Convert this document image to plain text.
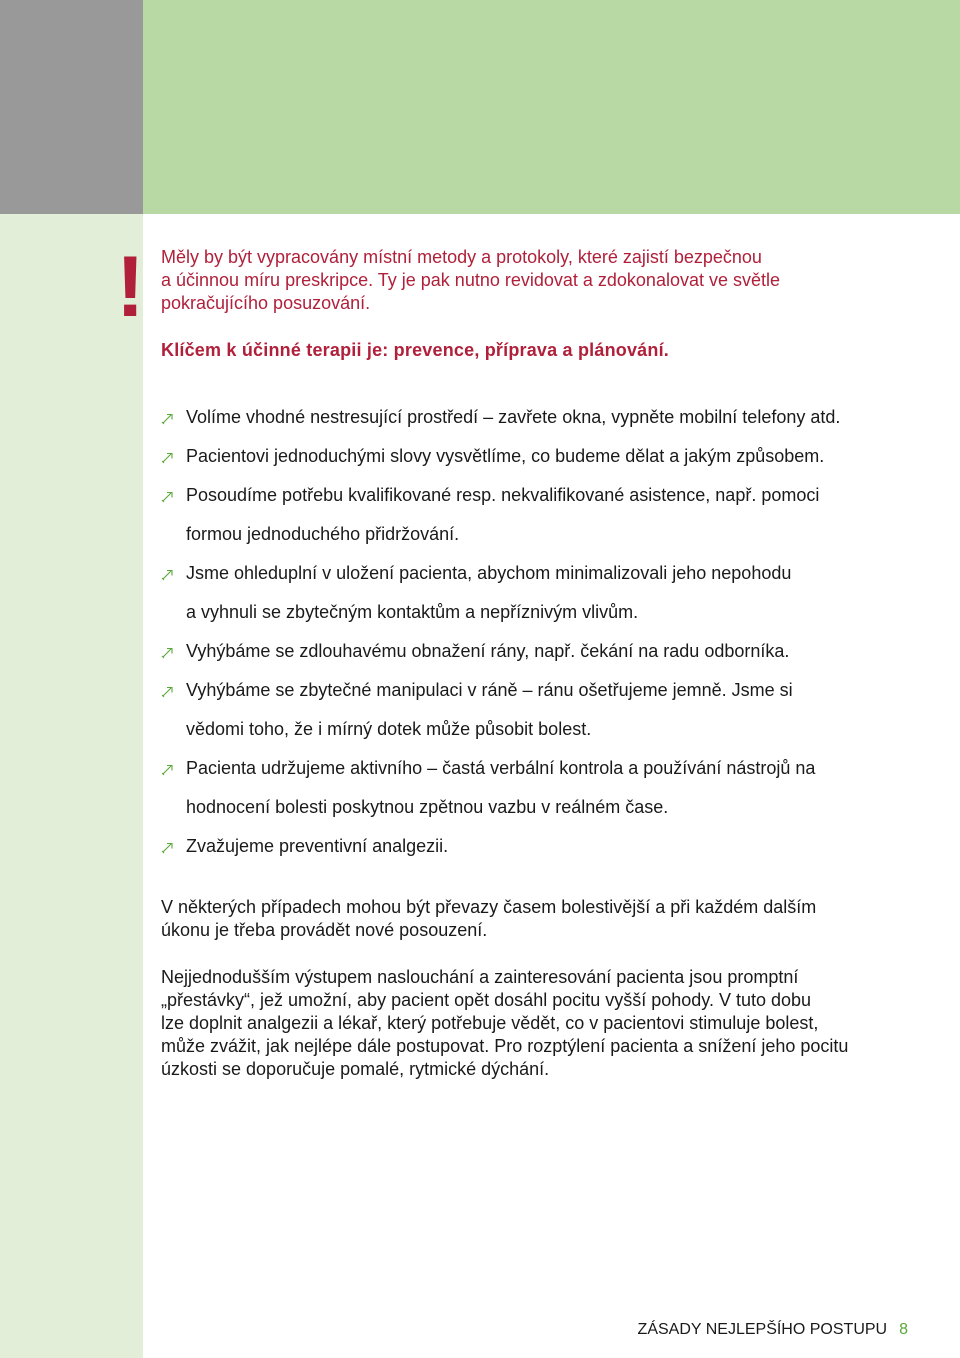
! Měly by být vypracovány místní metody a protokoly, které zajistí bezpečnou
a účinnou míru preskripce. Ty je pak nutno revidovat a zdokonalovat ve světle
pokračujícího posuzování.
Klíčem k účinné terapii je: prevence, příprava a plánování.
Volíme vhodné nestresující prostředí – zavřete okna, vypněte mobilní telefony atd.
Pacientovi jednoduchými slovy vysvětlíme, co budeme dělat a jakým způsobem.
Posoudíme potřebu kvalifikované resp. nekvalifikované asistence, např. pomoci
formou jednoduchého přidržování.
Jsme ohleduplní v uložení pacienta, abychom minimalizovali jeho nepohodu
a vyhnuli se zbytečným kontaktům a nepříznivým vlivům.
Vyhýbáme se zdlouhavému obnažení rány, např. čekání na radu odborníka.
Vyhýbáme se zbytečné manipulaci v ráně – ránu ošetřujeme jemně. Jsme si
vědomi toho, že i mírný dotek může působit bolest.
Pacienta udržujeme aktivního – častá verbální kontrola a používání nástrojů na
hodnocení bolesti poskytnou zpětnou vazbu v reálném čase.
Zvažujeme preventivní analgezii.
V některých případech mohou být převazy časem bolestivější a při každém dalším
úkonu je třeba provádět nové posouzení.
Nejjednodušším výstupem naslouchání a zainteresování pacienta jsou promptní
„přestávky“, jež umožní, aby pacient opět dosáhl pocitu vyšší pohody. V tuto dobu
lze doplnit analgezii a lékař, který potřebuje vědět, co v pacientovi stimuluje bolest,
může zvážit, jak nejlépe dále postupovat. Pro rozptýlení pacienta a snížení jeho pocitu
úzkosti se doporučuje pomalé, rytmické dýchání.
ZÁSADY NEJLEPŠÍHO POSTUPU 8
